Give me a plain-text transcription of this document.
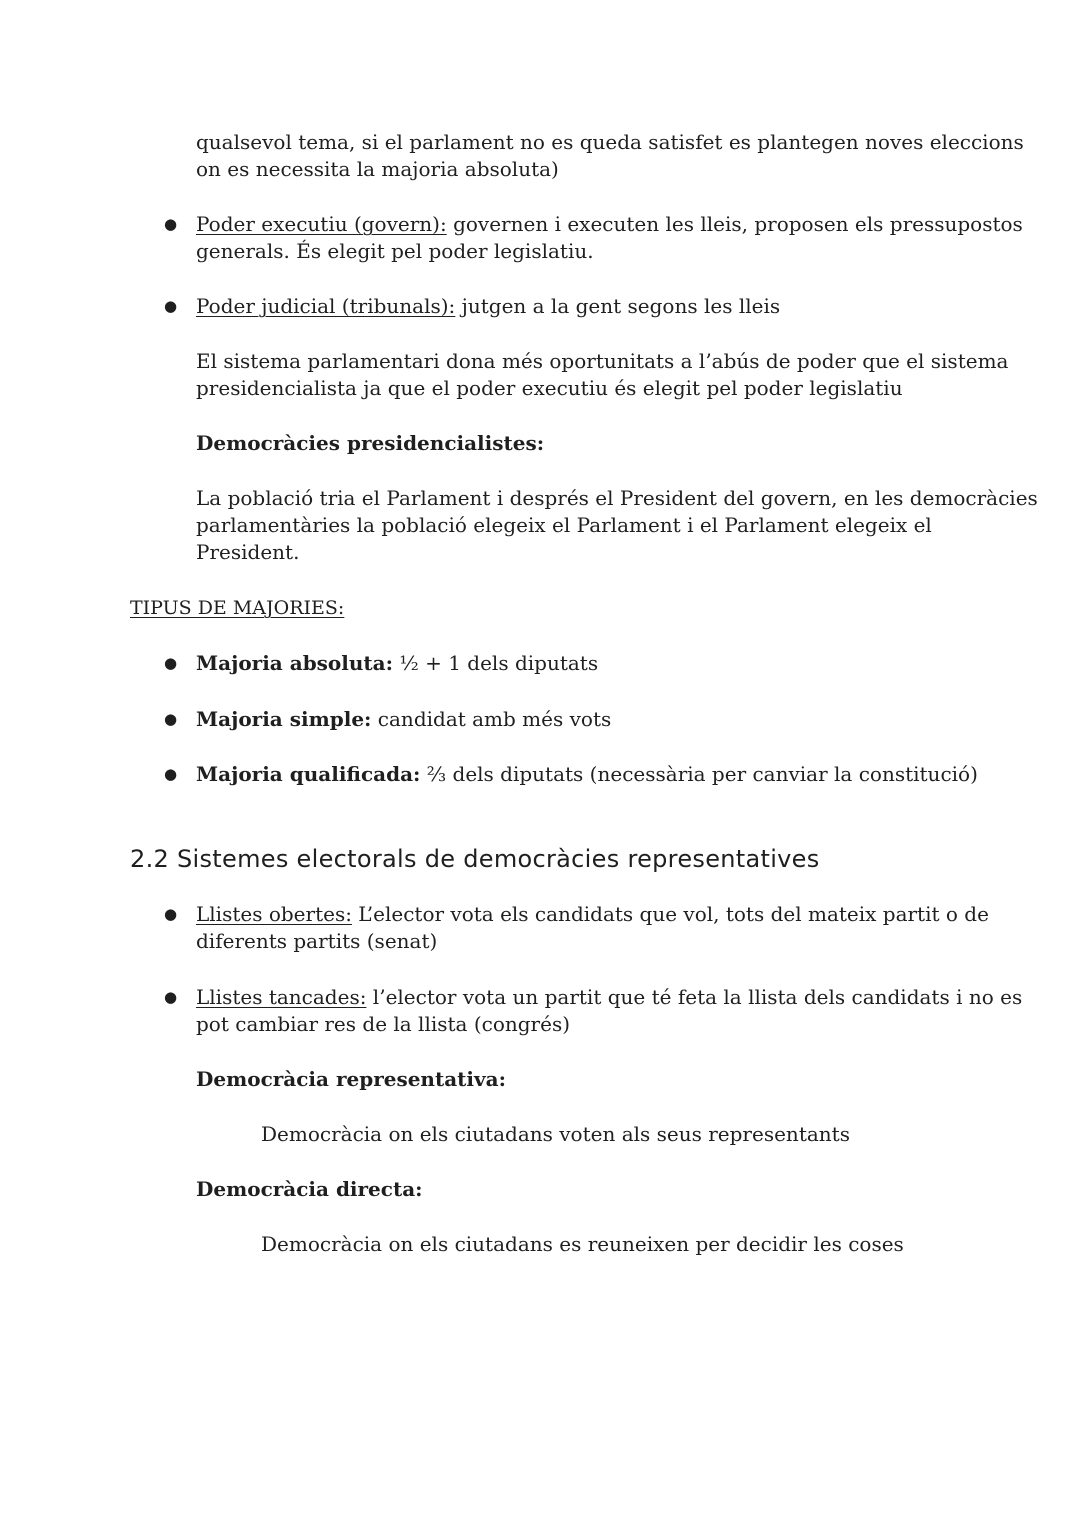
qualsevol tema, si el parlament no es queda satisfet es plantegen noves eleccions
on es necessita la majoria absoluta)
● Poder executiu (govern): governen i executen les lleis, proposen els pressupostos
generals. És elegit pel poder legislatiu.
● Poder judicial (tribunals): jutgen a la gent segons les lleis
El sistema parlamentari dona més oportunitats a l’abús de poder que el sistema
presidencialista ja que el poder executiu és elegit pel poder legislatiu
Democràcies presidencialistes:
La població tria el Parlament i després el President del govern, en les democràcies
parlamentàries la població elegeix el Parlament i el Parlament elegeix el
President.
TIPUS DE MAJORIES:
● Majoria absoluta: ½ + 1 dels diputats
● Majoria simple: candidat amb més vots
● Majoria qualificada: ⅔ dels diputats (necessària per canviar la constitució)
2.2 Sistemes electorals de democràcies representatives
● Llistes obertes: L’elector vota els candidats que vol, tots del mateix partit o de
diferents partits (senat)
● Llistes tancades: l’elector vota un partit que té feta la llista dels candidats i no es
pot cambiar res de la llista (congrés)
Democràcia representativa:
Democràcia on els ciutadans voten als seus representants
Democràcia directa:
Democràcia on els ciutadans es reuneixen per decidir les coses
